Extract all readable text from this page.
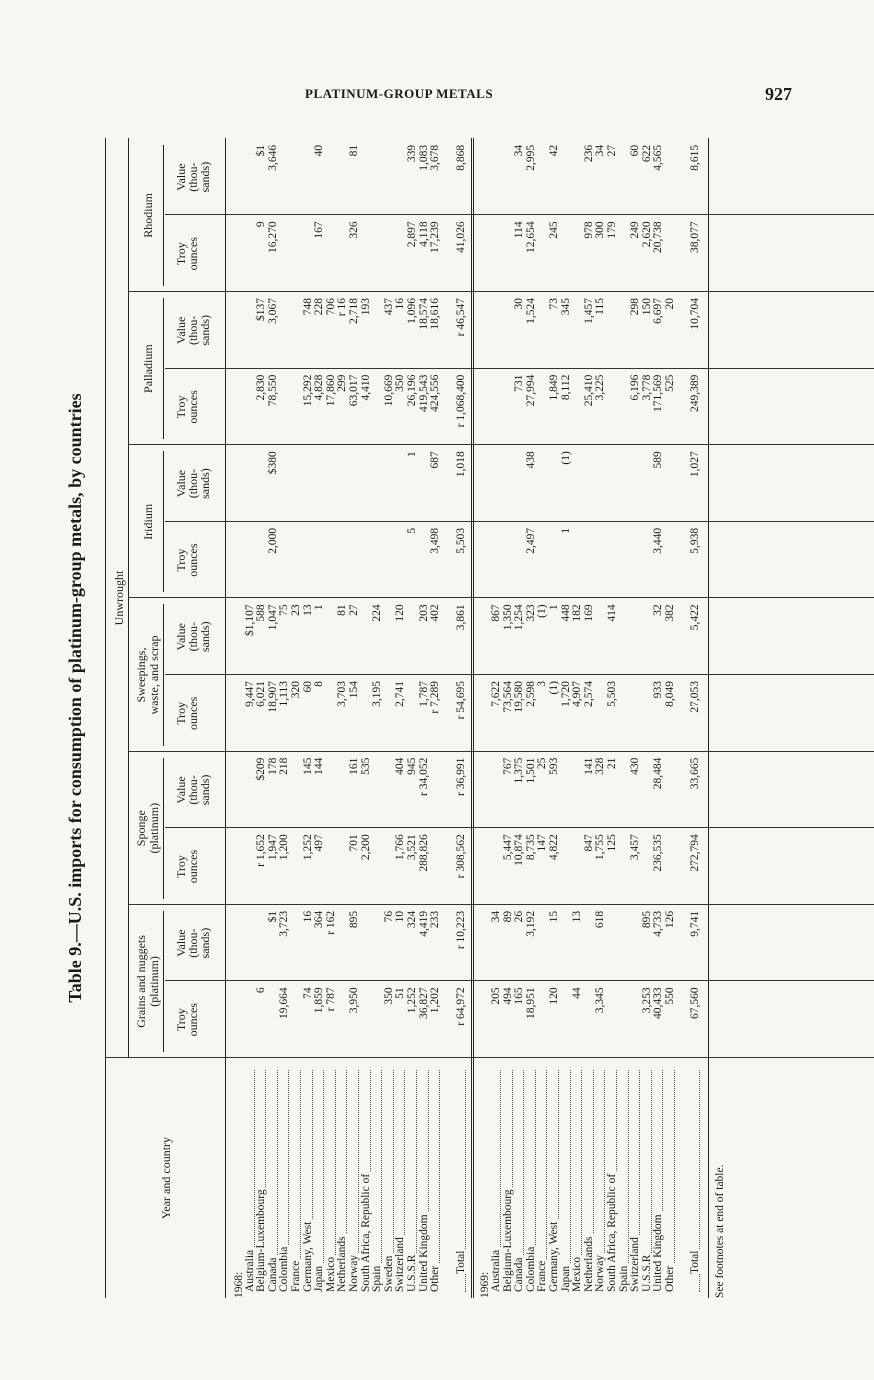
PLATINUM-GROUP METALS	927
Table 9.—U.S. imports for consumption of platinum-group metals, by countries
Year and country
Unwrought
Grains and nuggets (platinum)
Sponge (platinum)
Sweepings, waste, and scrap
Iridium
Palladium
Rhodium
Troy
ounces
Value
(thou-
sands)
Troy
ounces
Value
(thou-
sands)
Troy
ounces
Value
(thou-
sands)
Troy
ounces
Value
(thou-
sands)
Troy
ounces
Value
(thou-
sands)
Troy
ounces
Value
(thou-
sands)
1968:
Australia
9,447
$1,107
Belgium-Luxembourg
6
r 1,652
$209
6,021
588
2,830
$137
9
$1
Canada
$1
1,947
178
18,907
1,047
2,000
$380
78,550
3,067
16,270
3,646
Colombia
19,664
3,723
1,200
218
1,113
75
France
320
23
Germany, West
74
16
1,252
145
60
13
15,292
748
Japan
1,859
364
497
144
8
1
4,828
228
167
40
Mexico
r 787
r 162
17,860
706
Netherlands
3,703
81
299
r 16
Norway
3,950
895
701
161
154
27
63,017
2,718
326
81
South Africa, Republic of
2,200
535
4,410
193
Spain
3,195
224
Sweden
350
76
10,669
437
Switzerland
51
10
1,766
404
2,741
120
350
16
U.S.S.R
1,252
324
3,521
945
5
1
26,196
1,096
2,897
339
United Kingdom
36,827
4,419
288,826
r 34,052
1,787
203
419,543
18,574
4,118
1,083
Other
1,202
233
r 7,289
402
3,498
687
424,556
18,616
17,239
3,678
Total
r 64,972
r 10,223
r 308,562
r 36,991
r 54,695
3,861
5,503
1,018
r 1,068,400
r 46,547
41,026
8,868
1969:
Australia
205
34
7,622
867
Belgium-Luxembourg
494
89
5,447
767
73,564
1,350
Canada
165
26
10,874
1,375
19,580
1,254
731
30
114
34
Colombia
18,951
3,192
8,735
1,501
2,598
323
2,497
438
27,994
1,524
12,654
2,995
France
147
25
3
(1)
Germany, West
120
15
4,822
593
(1)
1
1,849
73
245
42
Japan
1,720
448
1
(1)
8,112
345
Mexico
44
13
4,907
182
Netherlands
847
141
2,574
169
25,410
1,457
978
236
Norway
3,345
618
1,755
328
3,225
115
300
34
South Africa, Republic of
125
21
5,503
414
179
27
Spain Switzerland
3,457
430
6,196
298
249
60
U.S.S.R
3,253
895
3,778
150
2,620
622
United Kingdom
40,433
4,733
236,535
28,484
933
32
3,440
589
171,569
6,697
20,738
4,565
Other
550
126
8,049
382
525
20
Total
67,560
9,741
272,794
33,665
27,053
5,422
5,938
1,027
249,389
10,704
38,077
8,615
See footnotes at end of table.
